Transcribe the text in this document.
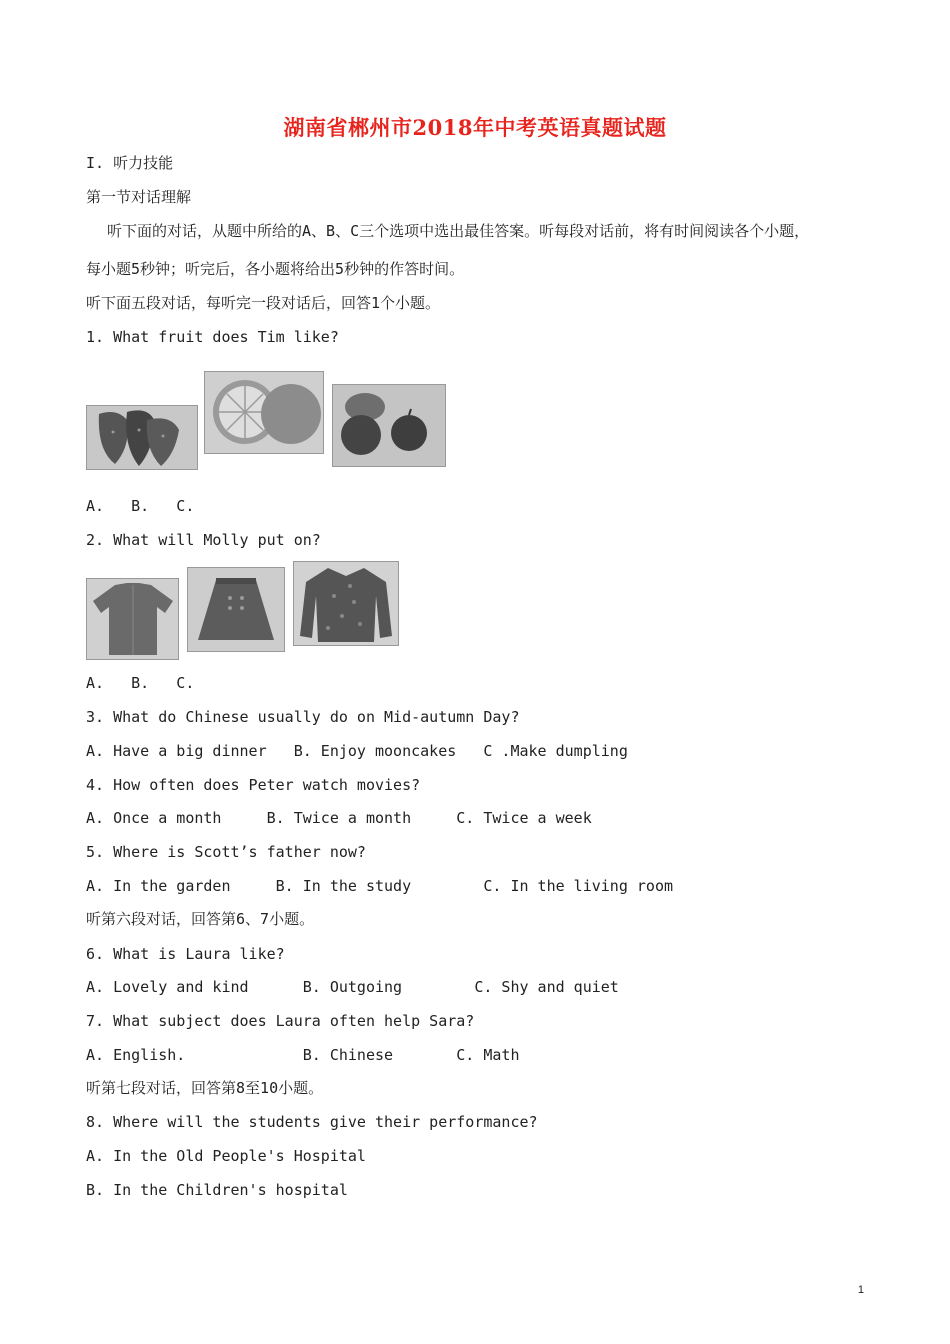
湖南省郴州市2018年中考英语真题试题
I. 听力技能
第一节对话理解
听下面的对话，从题中所给的A、B、C三个选项中选出最佳答案。听每段对话前，将有时间阅读各个小题，
每小题5秒钟；听完后，各小题将给出5秒钟的作答时间。
听下面五段对话，每听完一段对话后，回答1个小题。
1. What fruit does Tim like?
A.   B.   C.
2. What will Molly put on?
A.   B.   C.
3. What do Chinese usually do on Mid-autumn Day?
A. Have a big dinner   B. Enjoy mooncakes   C .Make dumpling
4. How often does Peter watch movies?
A. Once a month     B. Twice a month     C. Twice a week
5. Where is Scott’s father now?
A. In the garden     B. In the study        C. In the living room
听第六段对话，回答第6、7小题。
6. What is Laura like?
A. Lovely and kind      B. Outgoing        C. Shy and quiet
7. What subject does Laura often help Sara?
A. English.             B. Chinese       C. Math
听第七段对话，回答第8至10小题。
8. Where will the students give their performance?
A. In the Old People's Hospital
B. In the Children's hospital
1
